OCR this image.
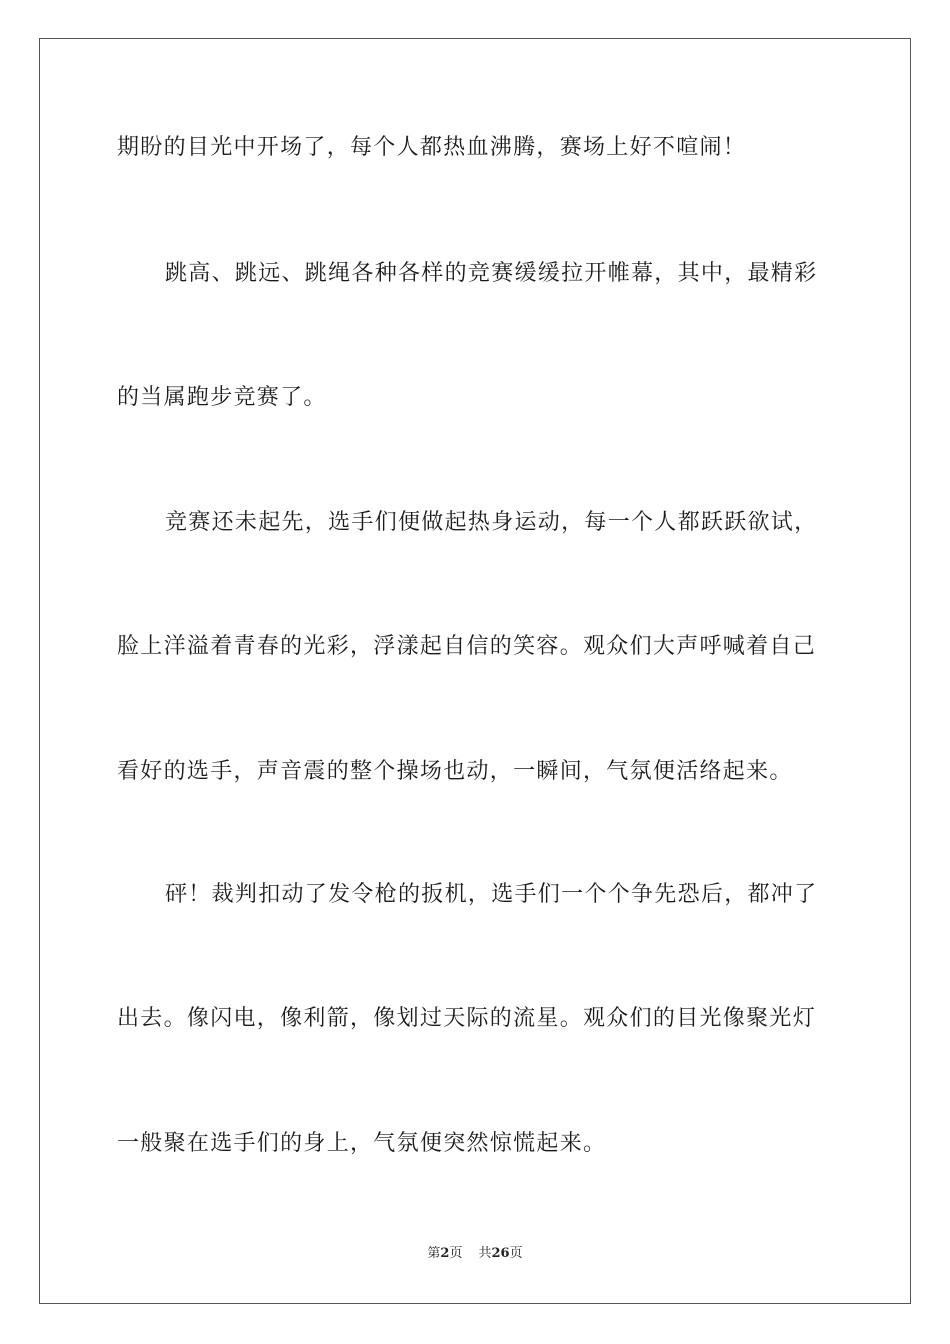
期盼的目光中开场了，每个人都热血沸腾，赛场上好不喧闹！
跳高、跳远、跳绳各种各样的竞赛缓缓拉开帷幕，其中，最精彩
的当属跑步竞赛了。
竞赛还未起先，选手们便做起热身运动，每一个人都跃跃欲试，
脸上洋溢着青春的光彩，浮漾起自信的笑容。观众们大声呼喊着自己
看好的选手，声音震的整个操场也动，一瞬间，气氛便活络起来。
砰！裁判扣动了发令枪的扳机，选手们一个个争先恐后，都冲了
出去。像闪电，像利箭，像划过天际的流星。观众们的目光像聚光灯
一般聚在选手们的身上，气氛便突然惊慌起来。
第2页 共26页
